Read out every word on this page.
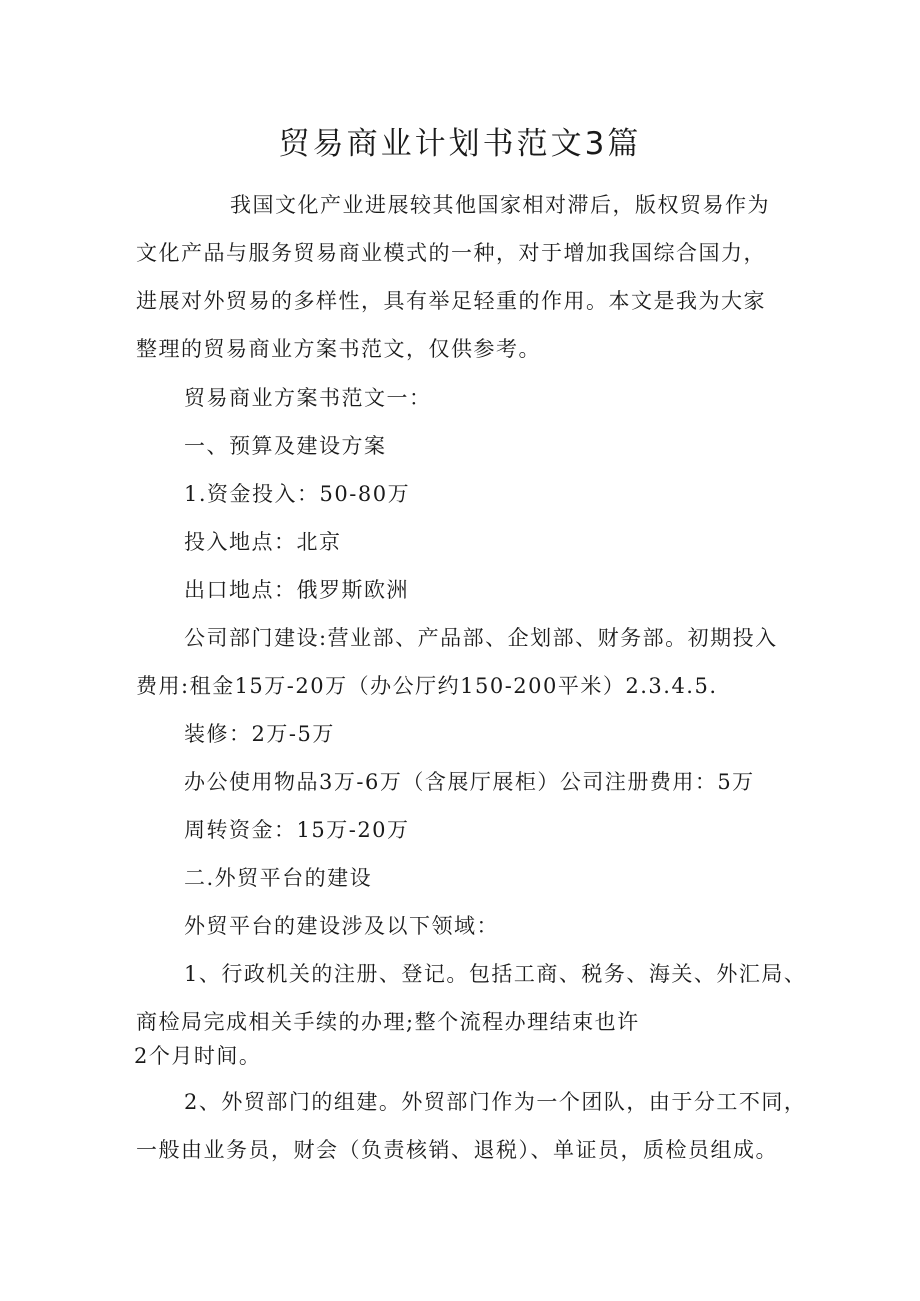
贸易商业计划书范文3篇
我国文化产业进展较其他国家相对滞后，版权贸易作为
文化产品与服务贸易商业模式的一种，对于增加我国综合国力，
进展对外贸易的多样性，具有举足轻重的作用。本文是我为大家
整理的贸易商业方案书范文，仅供参考。
贸易商业方案书范文一：
一、预算及建设方案
1.资金投入：50-80万
投入地点：北京
出口地点：俄罗斯欧洲
公司部门建设:营业部、产品部、企划部、财务部。初期投入
费用:租金15万-20万（办公厅约150-200平米）2.3.4.5.
装修：2万-5万
办公使用物品3万-6万（含展厅展柜）公司注册费用：5万
周转资金：15万-20万
二.外贸平台的建设
外贸平台的建设涉及以下领域：
1、行政机关的注册、登记。包括工商、税务、海关、外汇局、
商检局完成相关手续的办理;整个流程办理结束也许
2个月时间。
2、外贸部门的组建。外贸部门作为一个团队，由于分工不同，
一般由业务员，财会（负责核销、退税）、单证员，质检员组成。
